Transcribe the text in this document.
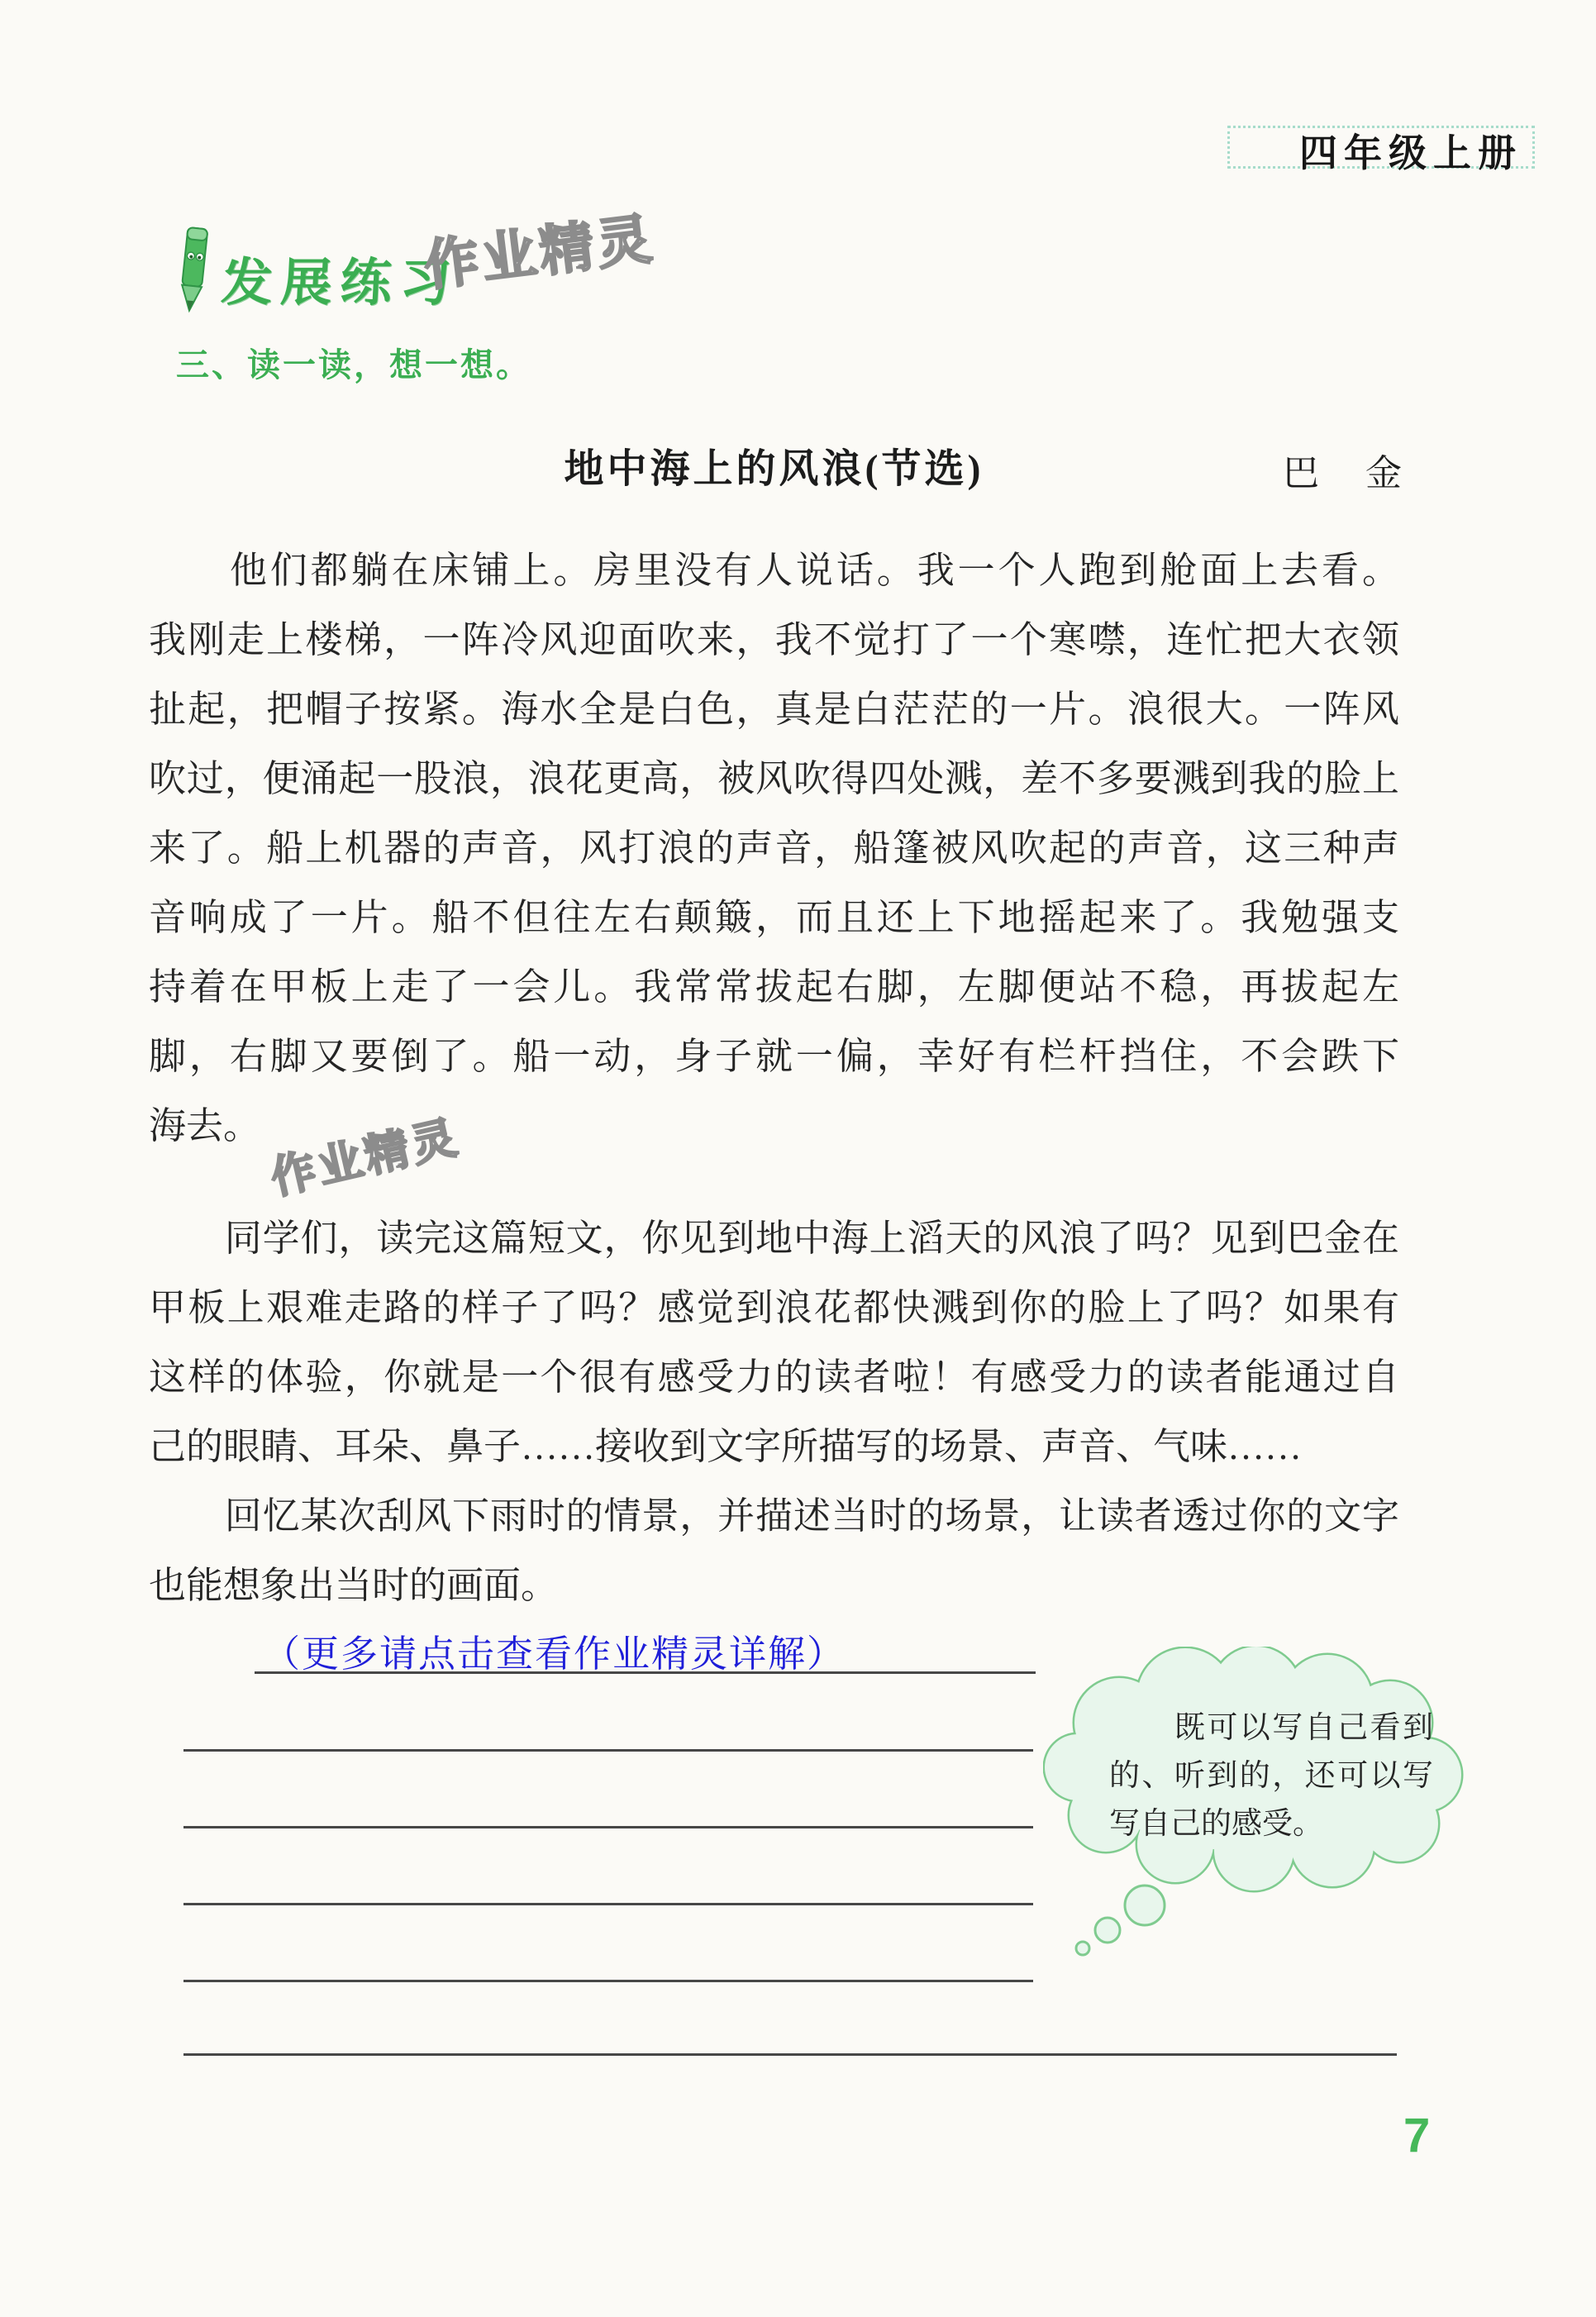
四年级上册
发展练习
作业精灵
作业精灵
三、读一读，想一想。
地中海上的风浪(节选)	巴　金
　　他们都躺在床铺上。房里没有人说话。我一个人跑到舱面上去看。
我刚走上楼梯，一阵冷风迎面吹来，我不觉打了一个寒噤，连忙把大衣领
扯起，把帽子按紧。海水全是白色，真是白茫茫的一片。浪很大。一阵风
吹过，便涌起一股浪，浪花更高，被风吹得四处溅，差不多要溅到我的脸上
来了。船上机器的声音，风打浪的声音，船篷被风吹起的声音，这三种声
音响成了一片。船不但往左右颠簸，而且还上下地摇起来了。我勉强支
持着在甲板上走了一会儿。我常常拔起右脚，左脚便站不稳，再拔起左
脚，右脚又要倒了。船一动，身子就一偏，幸好有栏杆挡住，不会跌下
海去。
　　同学们，读完这篇短文，你见到地中海上滔天的风浪了吗？见到巴金在
甲板上艰难走路的样子了吗？感觉到浪花都快溅到你的脸上了吗？如果有
这样的体验，你就是一个很有感受力的读者啦！有感受力的读者能通过自
己的眼睛、耳朵、鼻子……接收到文字所描写的场景、声音、气味……
　　回忆某次刮风下雨时的情景，并描述当时的场景，让读者透过你的文字
也能想象出当时的画面。
（更多请点击查看作业精灵详解）
　　既可以写自己看到
的、听到的，还可以写
写自己的感受。
7
